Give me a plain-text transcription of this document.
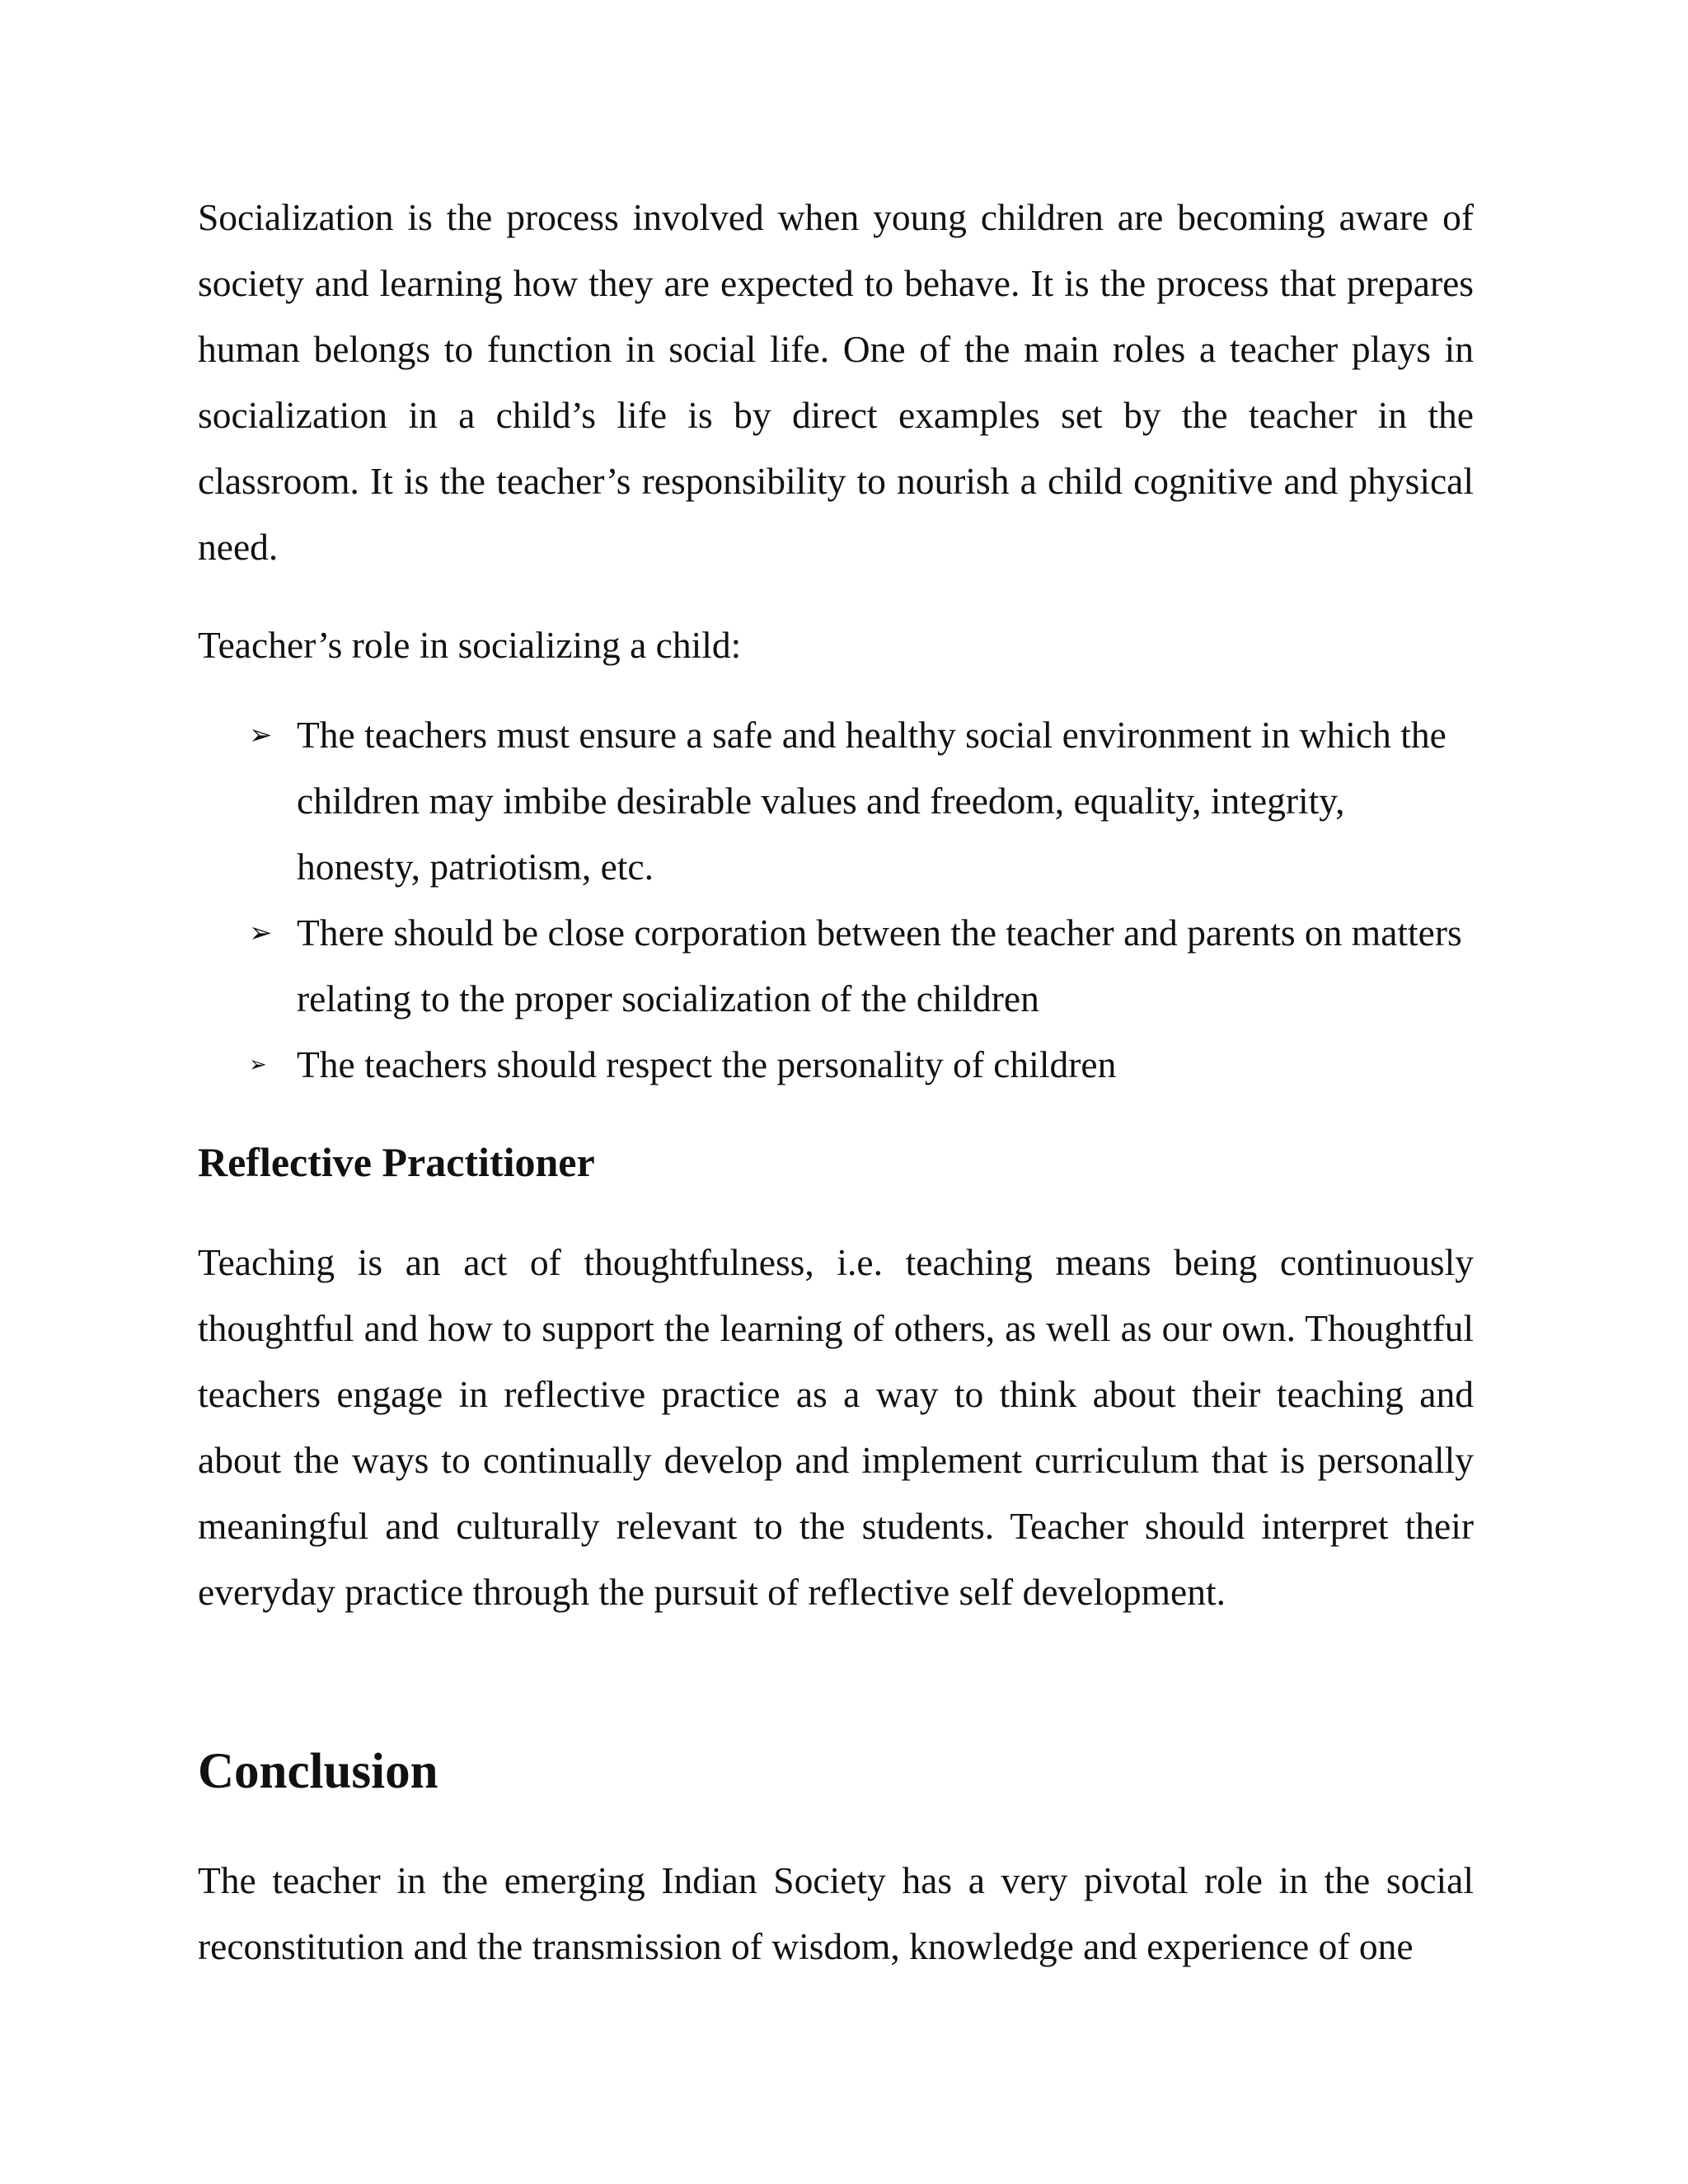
Socialization is the process involved when young children are becoming aware of society and learning how they are expected to behave. It is the process that prepares human belongs to function in social life. One of the main roles a teacher plays in socialization in a child’s life is by direct examples set by the teacher in the classroom. It is the teacher’s responsibility to nourish a child cognitive and physical need.

Teacher’s role in socializing a child:

➢ The teachers must ensure a safe and healthy social environment in which the children may imbibe desirable values and freedom, equality, integrity, honesty, patriotism, etc.
➢ There should be close corporation between the teacher and parents on matters relating to the proper socialization of the children
➢ The teachers should respect the personality of children
Reflective Practitioner

Teaching is an act of thoughtfulness, i.e. teaching means being continuously thoughtful and how to support the learning of others, as well as our own. Thoughtful teachers engage in reflective practice as a way to think about their teaching and about the ways to continually develop and implement curriculum that is personally meaningful and culturally relevant to the students. Teacher should interpret their everyday practice through the pursuit of reflective self development.

Conclusion

The teacher in the emerging Indian Society has a very pivotal role in the social reconstitution and the transmission of wisdom, knowledge and experience of one
